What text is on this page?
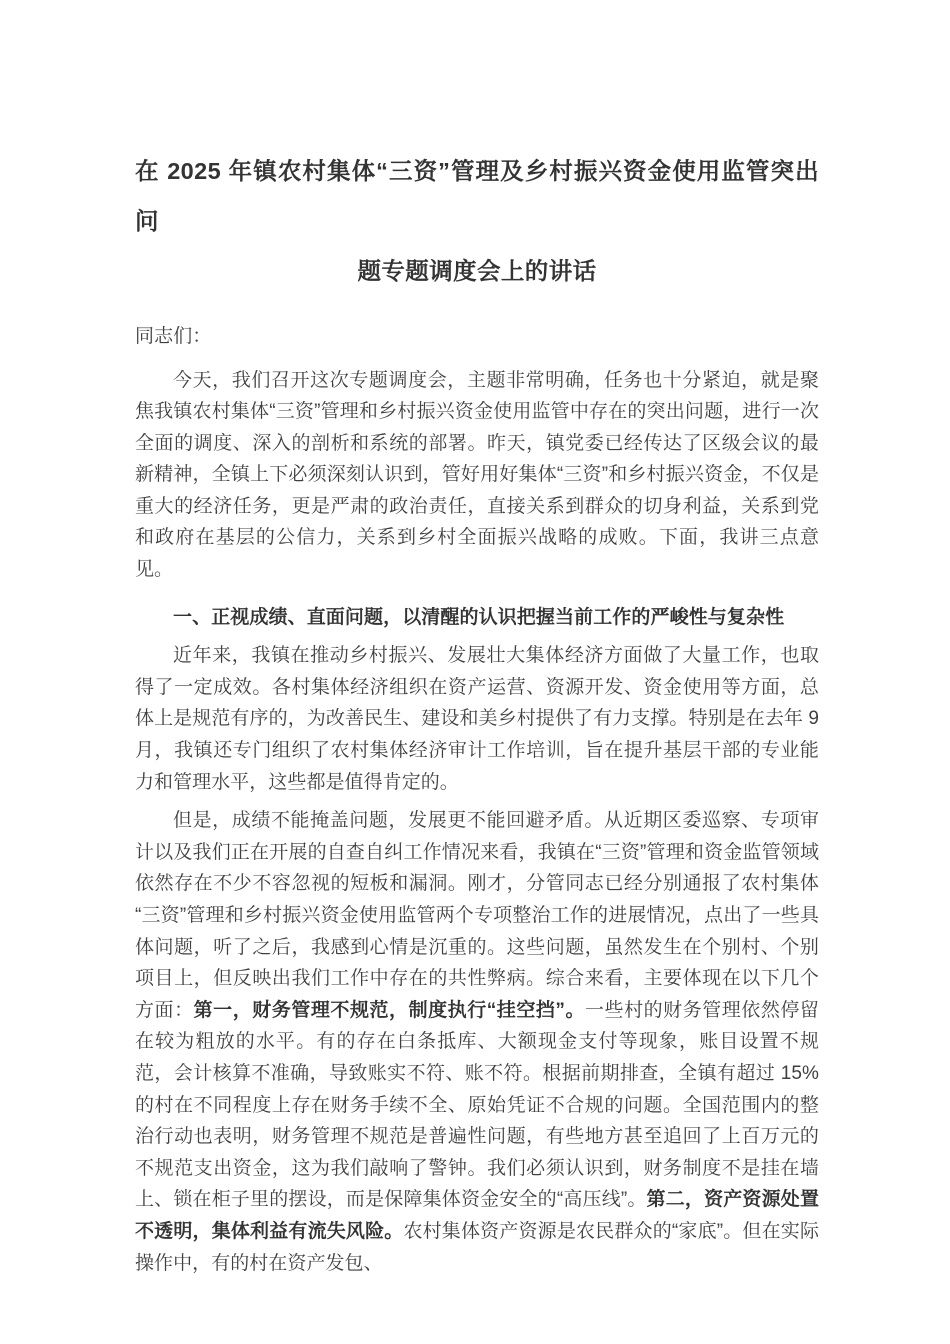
在 2025 年镇农村集体“三资”管理及乡村振兴资金使用监管突出问
题专题调度会上的讲话

同志们：

今天，我们召开这次专题调度会，主题非常明确，任务也十分紧迫，就是聚焦我镇农村集体“三资”管理和乡村振兴资金使用监管中存在的突出问题，进行一次全面的调度、深入的剖析和系统的部署。昨天，镇党委已经传达了区级会议的最新精神，全镇上下必须深刻认识到，管好用好集体“三资”和乡村振兴资金，不仅是重大的经济任务，更是严肃的政治责任，直接关系到群众的切身利益，关系到党和政府在基层的公信力，关系到乡村全面振兴战略的成败。下面，我讲三点意见。

一、正视成绩、直面问题，以清醒的认识把握当前工作的严峻性与复杂性

近年来，我镇在推动乡村振兴、发展壮大集体经济方面做了大量工作，也取得了一定成效。各村集体经济组织在资产运营、资源开发、资金使用等方面，总体上是规范有序的，为改善民生、建设和美乡村提供了有力支撑。特别是在去年 9 月，我镇还专门组织了农村集体经济审计工作培训，旨在提升基层干部的专业能力和管理水平，这些都是值得肯定的。

但是，成绩不能掩盖问题，发展更不能回避矛盾。从近期区委巡察、专项审计以及我们正在开展的自查自纠工作情况来看，我镇在“三资”管理和资金监管领域依然存在不少不容忽视的短板和漏洞。刚才，分管同志已经分别通报了农村集体“三资”管理和乡村振兴资金使用监管两个专项整治工作的进展情况，点出了一些具体问题，听了之后，我感到心情是沉重的。这些问题，虽然发生在个别村、个别项目上，但反映出我们工作中存在的共性弊病。综合来看，主要体现在以下几个方面：第一，财务管理不规范，制度执行“挂空挡”。一些村的财务管理依然停留在较为粗放的水平。有的存在白条抵库、大额现金支付等现象，账目设置不规范，会计核算不准确，导致账实不符、账不符。根据前期排查，全镇有超过 15%的村在不同程度上存在财务手续不全、原始凭证不合规的问题。全国范围内的整治行动也表明，财务管理不规范是普遍性问题，有些地方甚至追回了上百万元的不规范支出资金，这为我们敲响了警钟。我们必须认识到，财务制度不是挂在墙上、锁在柜子里的摆设，而是保障集体资金安全的“高压线”。第二，资产资源处置不透明，集体利益有流失风险。农村集体资产资源是农民群众的“家底”。但在实际操作中，有的村在资产发包、
